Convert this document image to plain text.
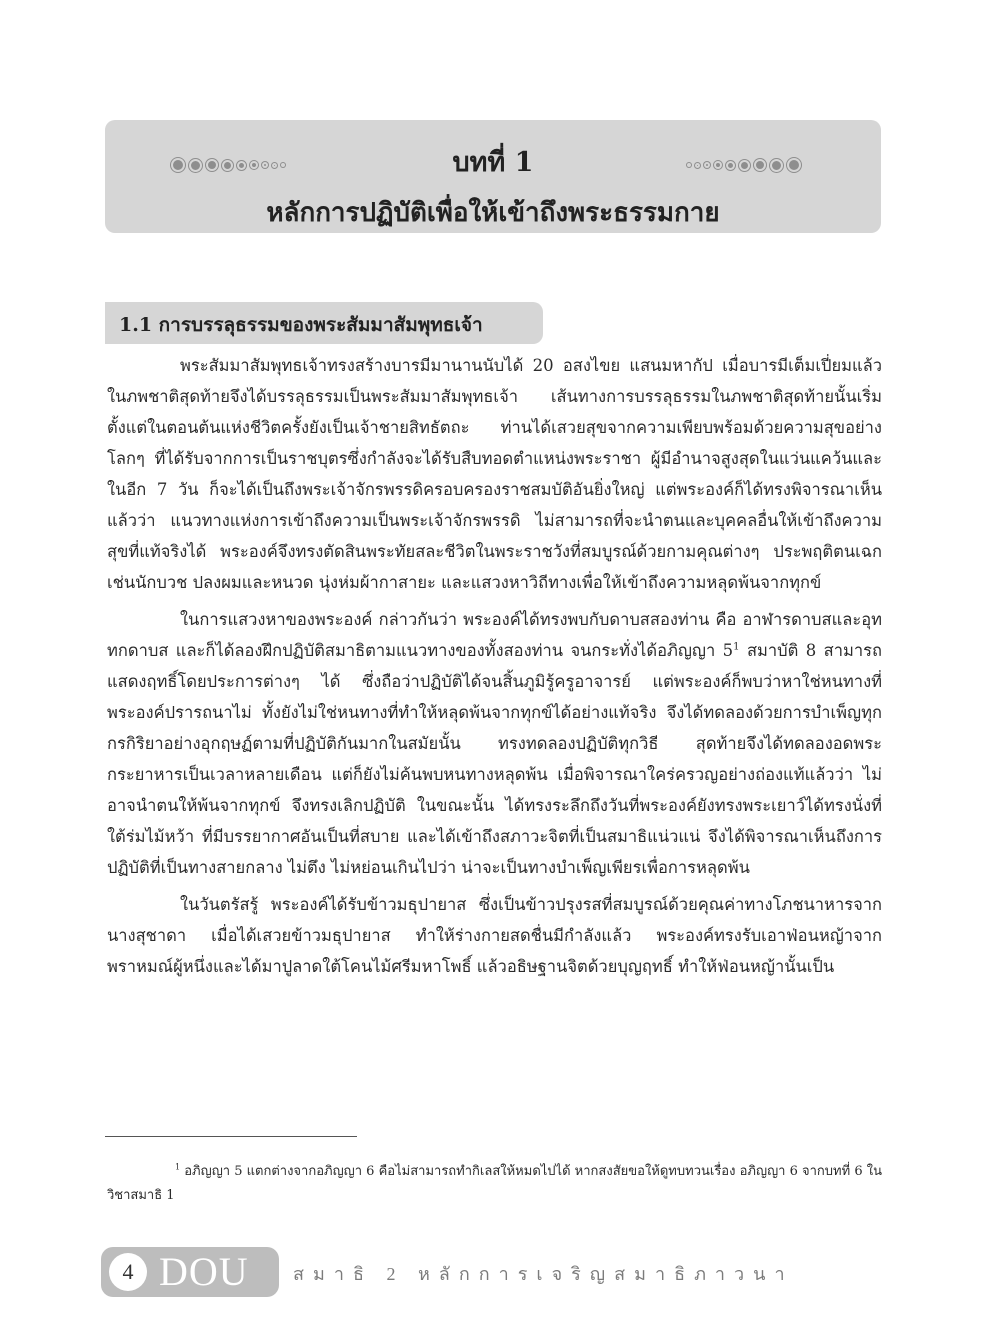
บทที่ 1
หลักการปฏิบัติเพื่อให้เข้าถึงพระธรรมกาย
1.1 การบรรลุธรรมของพระสัมมาสัมพุทธเจ้า

พระสัมมาสัมพุทธเจ้าทรงสร้างบารมีมานานนับได้ 20 อสงไขย แสนมหากัป เมื่อบารมีเต็มเปี่ยมแล้วในภพชาติสุดท้ายจึงได้บรรลุธรรมเป็นพระสัมมาสัมพุทธเจ้า เส้นทางการบรรลุธรรมในภพชาติสุดท้ายนั้นเริ่มตั้งแต่ในตอนต้นแห่งชีวิตครั้งยังเป็นเจ้าชายสิทธัตถะ ท่านได้เสวยสุขจากความเพียบพร้อมด้วยความสุขอย่างโลกๆ ที่ได้รับจากการเป็นราชบุตรซึ่งกำลังจะได้รับสืบทอดตำแหน่งพระราชา ผู้มีอำนาจสูงสุดในแว่นแคว้นและในอีก 7 วัน ก็จะได้เป็นถึงพระเจ้าจักรพรรดิครอบครองราชสมบัติอันยิ่งใหญ่ แต่พระองค์ก็ได้ทรงพิจารณาเห็นแล้วว่า แนวทางแห่งการเข้าถึงความเป็นพระเจ้าจักรพรรดิ ไม่สามารถที่จะนำตนและบุคคลอื่นให้เข้าถึงความสุขที่แท้จริงได้ พระองค์จึงทรงตัดสินพระทัยสละชีวิตในพระราชวังที่สมบูรณ์ด้วยกามคุณต่างๆ ประพฤติตนเฉกเช่นนักบวช ปลงผมและหนวด นุ่งห่มผ้ากาสายะ และแสวงหาวิถีทางเพื่อให้เข้าถึงความหลุดพ้นจากทุกข์

ในการแสวงหาของพระองค์ กล่าวกันว่า พระองค์ได้ทรงพบกับดาบสสองท่าน คือ อาฬารดาบสและอุททกดาบส และก็ได้ลองฝึกปฏิบัติสมาธิตามแนวทางของทั้งสองท่าน จนกระทั่งได้อภิญญา $5^1$ สมาบัติ 8 สามารถแสดงฤทธิ์โดยประการต่างๆ ได้ ซึ่งถือว่าปฏิบัติได้จนสิ้นภูมิรู้ครูอาจารย์ แต่พระองค์ก็พบว่าหาใช่หนทางที่พระองค์ปรารถนาไม่ ทั้งยังไม่ใช่หนทางที่ทำให้หลุดพ้นจากทุกข์ได้อย่างแท้จริง จึงได้ทดลองด้วยการบำเพ็ญทุกกรกิริยาอย่างอุกฤษฏ์ตามที่ปฏิบัติกันมากในสมัยนั้น ทรงทดลองปฏิบัติทุกวิธี สุดท้ายจึงได้ทดลองอดพระกระยาหารเป็นเวลาหลายเดือน แต่ก็ยังไม่ค้นพบหนทางหลุดพ้น เมื่อพิจารณาใคร่ครวญอย่างถ่องแท้แล้วว่า ไม่อาจนำตนให้พ้นจากทุกข์ จึงทรงเลิกปฏิบัติ ในขณะนั้น ได้ทรงระลึกถึงวันที่พระองค์ยังทรงพระเยาว์ได้ทรงนั่งที่ใต้ร่มไม้หว้า ที่มีบรรยากาศอันเป็นที่สบาย และได้เข้าถึงสภาวะจิตที่เป็นสมาธิแน่วแน่ จึงได้พิจารณาเห็นถึงการปฏิบัติที่เป็นทางสายกลาง ไม่ตึง ไม่หย่อนเกินไปว่า น่าจะเป็นทางบำเพ็ญเพียรเพื่อการหลุดพ้น

ในวันตรัสรู้ พระองค์ได้รับข้าวมธุปายาส ซึ่งเป็นข้าวปรุงรสที่สมบูรณ์ด้วยคุณค่าทางโภชนาหารจากนางสุชาดา เมื่อได้เสวยข้าวมธุปายาส ทำให้ร่างกายสดชื่นมีกำลังแล้ว พระองค์ทรงรับเอาฟ่อนหญ้าจากพราหมณ์ผู้หนึ่งและได้มาปูลาดใต้โคนไม้ศรีมหาโพธิ์ แล้วอธิษฐานจิตด้วยบุญฤทธิ์ ทำให้ฟ่อนหญ้านั้นเป็น

$^1$ อภิญญา 5 แตกต่างจากอภิญญา 6 คือไม่สามารถทำกิเลสให้หมดไปได้ หากสงสัยขอให้ดูทบทวนเรื่อง อภิญญา 6 จากบทที่ 6 ในวิชาสมาธิ 1

4 DOU สมาธิ 2 หลักการเจริญสมาธิภาวนา
